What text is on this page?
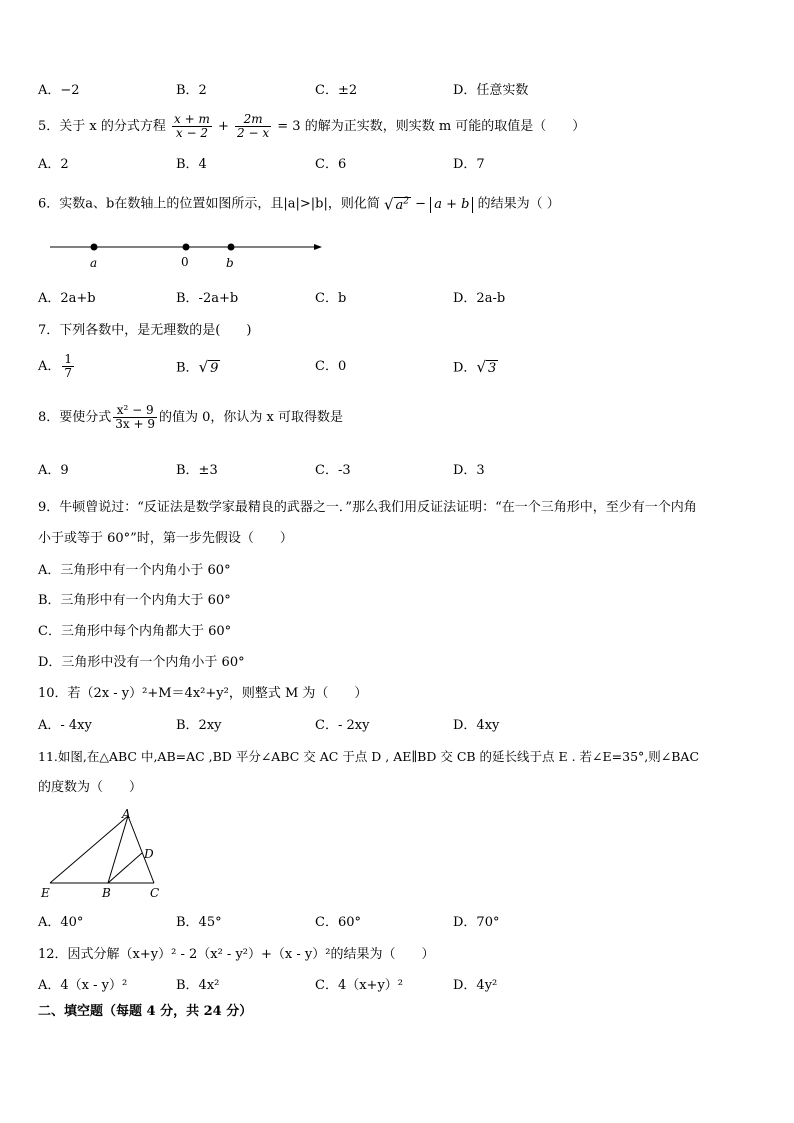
A．−2	B．2	C．±2	D．任意实数
5．关于 x 的分式方程 $\frac{x + m}{x - 2} + \frac{2m}{2 - x} = 3$ 的解为正实数，则实数 m 可能的取值是（　　）
A．2	B．4	C．6	D．7
6．实数a、b在数轴上的位置如图所示，且|a|>|b|，则化简 √ $a^2 - a + b$ 的结果为（ ）
a	0	b
A．2a+b	B．-2a+b	C．b	D．2a-b
7．下列各数中，是无理数的是(　　)
A． $\frac{1}{7}$	B．√ 9	C．0	D．√ 3
8．要使分式 $\frac{\text{x² − 9}}{3x + 9}$ 的值为 0，你认为 x 可取得数是
A．9	B．±3	C．-3	D．3
9．牛顿曾说过：“反证法是数学家最精良的武器之一．”那么我们用反证法证明：“在一个三角形中，至少有一个内角
小于或等于 60°”时，第一步先假设（　　）
A．三角形中有一个内角小于 60°
B．三角形中有一个内角大于 60°
C．三角形中每个内角都大于 60°
D．三角形中没有一个内角小于 60°
10．若（2x - y）²+M＝4x²+y²，则整式 M 为（　　）
A．- 4xy	B．2xy	C．- 2xy	D．4xy
11.如图,在△ABC 中,AB=AC ,BD 平分∠ABC 交 AC 于点 D , AE∥BD 交 CB 的延长线于点 E . 若∠E=35°,则∠BAC
的度数为（　　）
A
D
E	B	C
A．40°	B．45°	C．60°	D．70°
12．因式分解（x+y）² - 2（x² - y²）+（x - y）²的结果为（　　）
A．4（x - y）²	B．4x²	C．4（x+y）²	D．4y²
二、填空题（每题 4 分，共 24 分）
